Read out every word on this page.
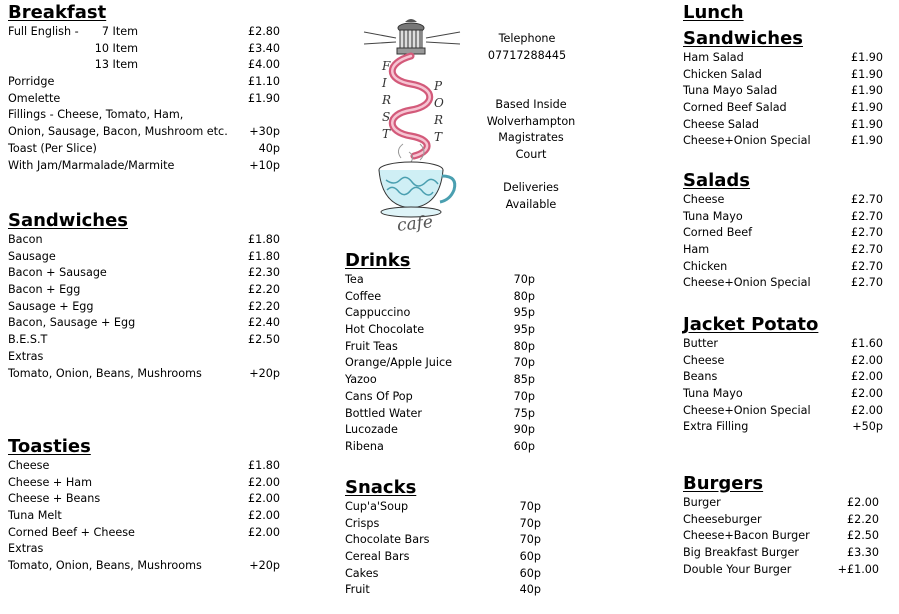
Breakfast
Full English - 7 Item	£2.80
10 Item	£3.40
13 Item	£4.00
Porridge	£1.10
Omelette	£1.90
Fillings - Cheese, Tomato, Ham,
Onion, Sausage, Bacon, Mushroom etc. +30p
Toast (Per Slice)	40p
With Jam/Marmalade/Marmite	+10p
Sandwiches
Bacon	£1.80
Sausage	£1.80
Bacon + Sausage	£2.30
Bacon + Egg	£2.20
Sausage + Egg	£2.20
Bacon, Sausage + Egg	£2.40
B.E.S.T	£2.50
Extras
Tomato, Onion, Beans, Mushrooms	+20p
Toasties
Cheese	£1.80
Cheese + Ham	£2.00
Cheese + Beans	£2.00
Tuna Melt	£2.00
Corned Beef + Cheese	£2.00
Extras
Tomato, Onion, Beans, Mushrooms	+20p
F
I
R
S
T
P
O
R
T
cafe
Telephone
07717288445
Based Inside
Wolverhampton
Magistrates
Court
Deliveries
Available
Drinks
Tea	70p
Coffee	80p
Cappuccino	95p
Hot Chocolate	95p
Fruit Teas	80p
Orange/Apple Juice	70p
Yazoo	85p
Cans Of Pop	70p
Bottled Water	75p
Lucozade	90p
Ribena	60p
Snacks
Cup'a'Soup	70p
Crisps	70p
Chocolate Bars	70p
Cereal Bars	60p
Cakes	60p
Fruit	40p
Lunch
Sandwiches
Ham Salad	£1.90
Chicken Salad	£1.90
Tuna Mayo Salad	£1.90
Corned Beef Salad	£1.90
Cheese Salad	£1.90
Cheese+Onion Special	£1.90
Salads
Cheese	£2.70
Tuna Mayo	£2.70
Corned Beef	£2.70
Ham	£2.70
Chicken	£2.70
Cheese+Onion Special	£2.70
Jacket Potato
Butter	£1.60
Cheese	£2.00
Beans	£2.00
Tuna Mayo	£2.00
Cheese+Onion Special	£2.00
Extra Filling	+50p
Burgers
Burger	£2.00
Cheeseburger	£2.20
Cheese+Bacon Burger	£2.50
Big Breakfast Burger	£3.30
Double Your Burger	+£1.00
